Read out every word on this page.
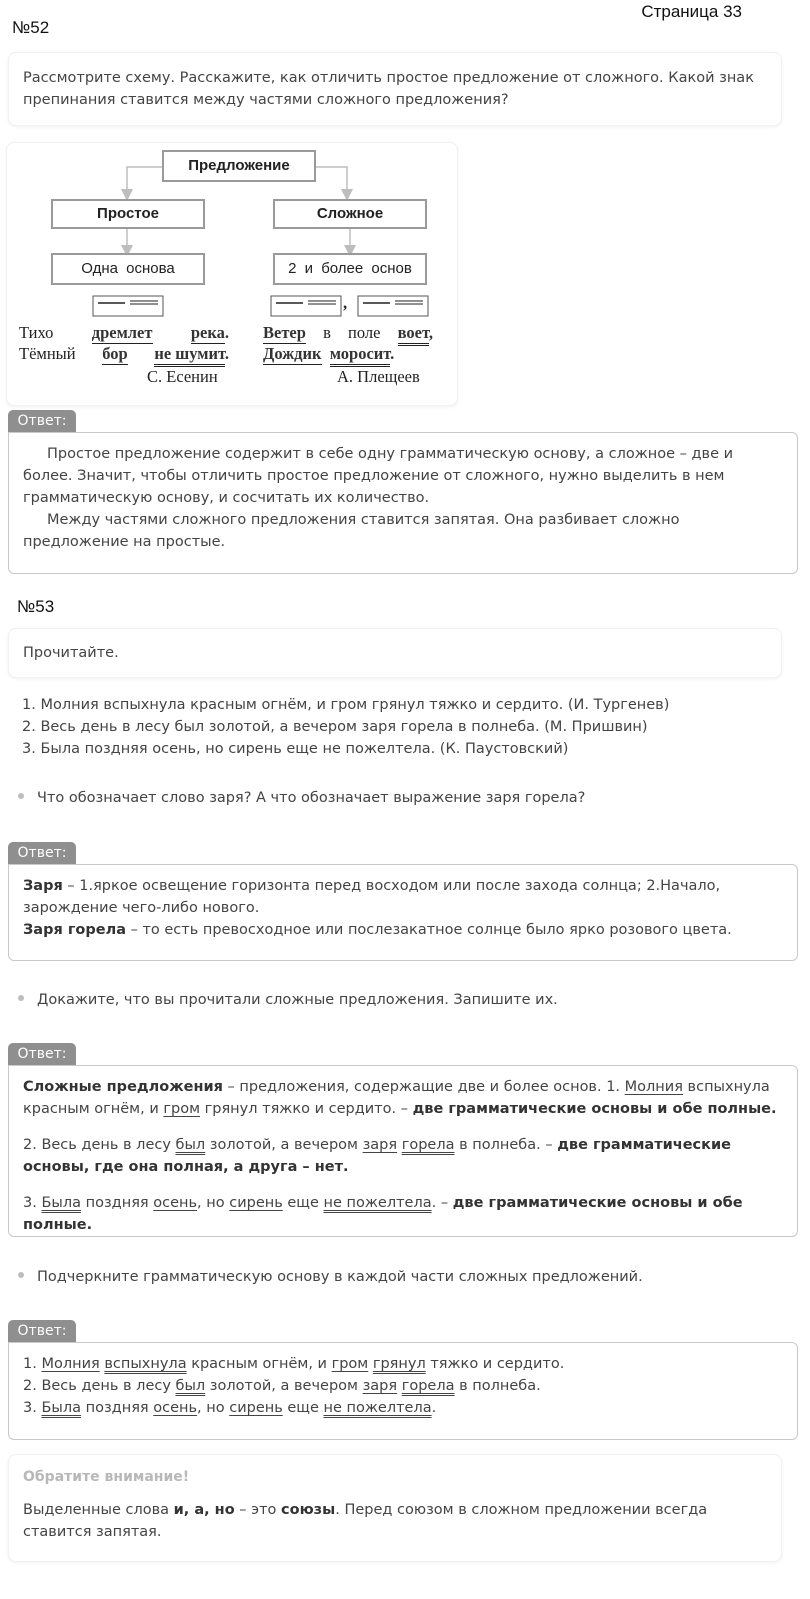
Страница 33
№52
Рассмотрите схему. Расскажите, как отличить простое предложение от сложного. Какой знак препинания ставится между частями сложного предложения?
Предложение
Простое	Сложное
Одна основа	2 и более основ
,
Тихо дремлет река.
Тёмный бор не шумит.
С. Есенин
Ветер в поле воет,
Дождик моросит.
А. Плещеев
Ответ:

Простое предложение содержит в себе одну грамматическую основу, а сложное – две и более. Значит, чтобы отличить простое предложение от сложного, нужно выделить в нем грамматическую основу, и сосчитать их количество.

Между частями сложного предложения ставится запятая. Она разбивает сложно предложение на простые.

№53
Прочитайте.
1. Молния вспыхнула красным огнём, и гром грянул тяжко и сердито. (И. Тургенев)
2. Весь день в лесу был золотой, а вечером заря горела в полнеба. (М. Пришвин)
3. Была поздняя осень, но сирень еще не пожелтела. (К. Паустовский)
Что обозначает слово заря? А что обозначает выражение заря горела?
Ответ:

Заря – 1.яркое освещение горизонта перед восходом или после захода солнца; 2.Начало, зарождение чего-либо нового.

Заря горела – то есть превосходное или послезакатное солнце было ярко розового цвета.

Докажите, что вы прочитали сложные предложения. Запишите их.
Ответ:

Сложные предложения – предложения, содержащие две и более основ. 1. Молния вспыхнула красным огнём, и гром грянул тяжко и сердито. – две грамматические основы и обе полные.

2. Весь день в лесу был золотой, а вечером заря горела в полнеба. – две грамматические основы, где она полная, а друга – нет.

3. Была поздняя осень, но сирень еще не пожелтела. – две грамматические основы и обе полные.

Подчеркните грамматическую основу в каждой части сложных предложений.
Ответ:

1. Молния вспыхнула красным огнём, и гром грянул тяжко и сердито.

2. Весь день в лесу был золотой, а вечером заря горела в полнеба.

3. Была поздняя осень, но сирень еще не пожелтела.

Обратите внимание!
Выделенные слова и, а, но – это союзы. Перед союзом в сложном предложении всегда ставится запятая.
